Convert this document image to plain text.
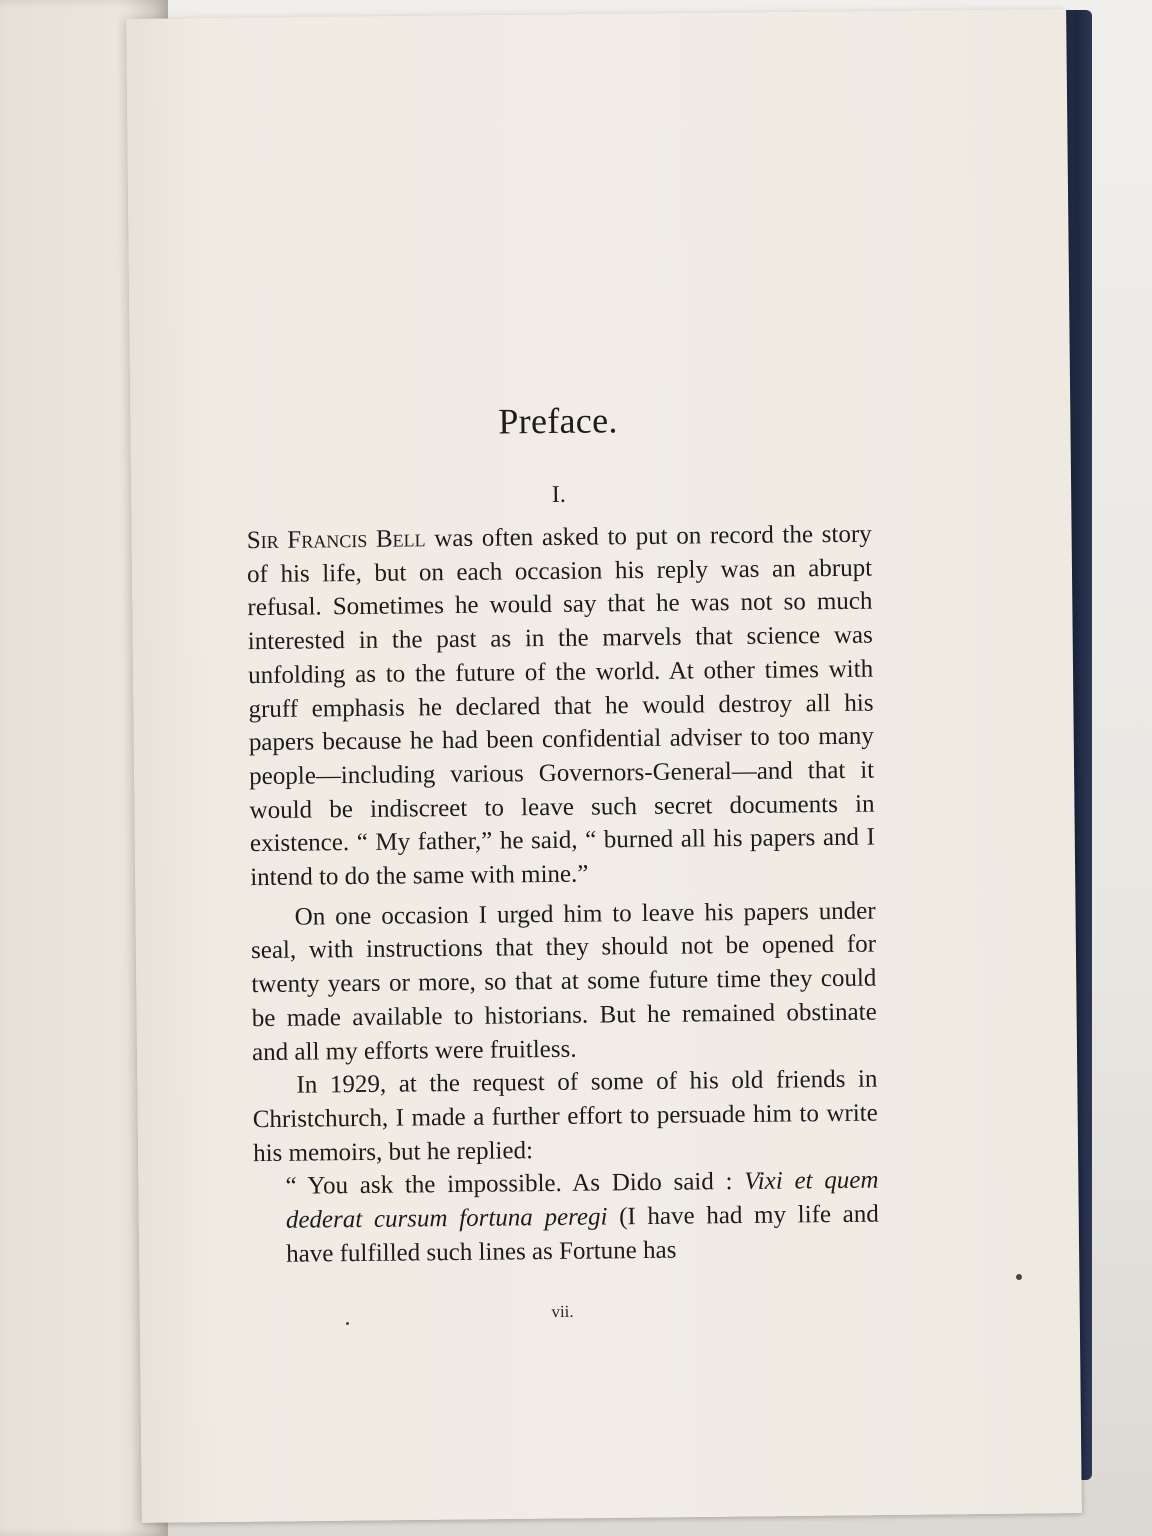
Preface.
I.

Sir Francis Bell was often asked to put on record the story of his life, but on each occasion his reply was an abrupt refusal. Sometimes he would say that he was not so much interested in the past as in the marvels that science was unfolding as to the future of the world. At other times with gruff emphasis he declared that he would destroy all his papers because he had been confidential adviser to too many people—including various Governors-General—and that it would be indiscreet to leave such secret documents in existence. “ My father,” he said, “ burned all his papers and I intend to do the same with mine.”

On one occasion I urged him to leave his papers under seal, with instructions that they should not be opened for twenty years or more, so that at some future time they could be made available to historians. But he remained obstinate and all my efforts were fruitless.

In 1929, at the request of some of his old friends in Christchurch, I made a further effort to persuade him to write his memoirs, but he replied:

“ You ask the impossible. As Dido said : Vixi et quem dederat cursum fortuna peregi (I have had my life and have fulfilled such lines as Fortune has

vii.
